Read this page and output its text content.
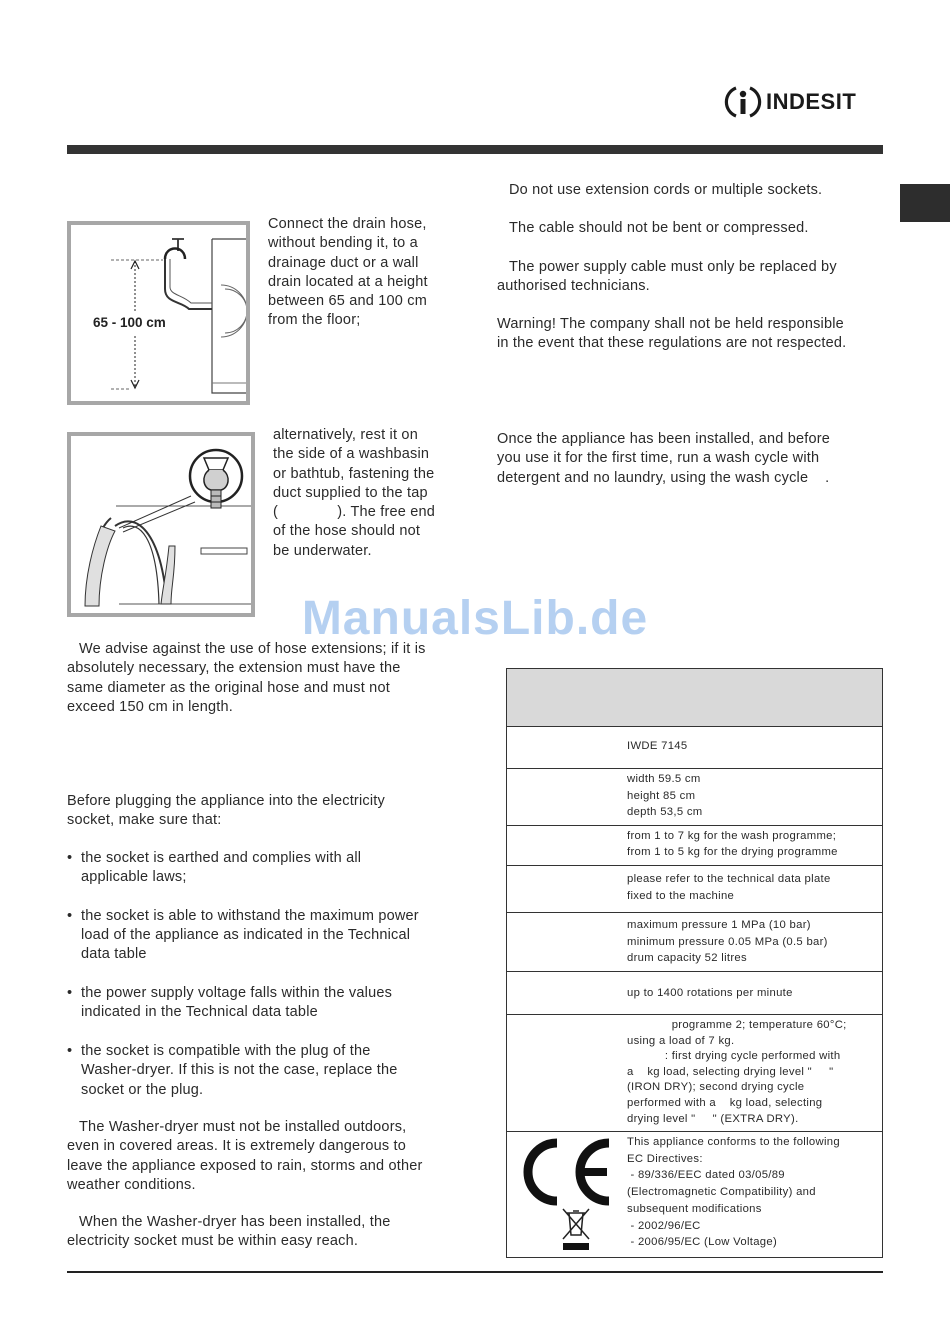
INDESIT
65 - 100 cm

Connect the drain hose,
without bending it, to a
drainage duct or a wall
drain located at a height
between 65 and 100 cm
from the floor;

alternatively, rest it on
the side of a washbasin
or bathtub, fastening the
duct supplied to the tap
(              ). The free end
of the hose should not
be underwater.

ManualsLib.de

We advise against the use of hose extensions; if it is
absolutely necessary, the extension must have the
same diameter as the original hose and must not
exceed 150 cm in length.

Before plugging the appliance into the electricity
socket, make sure that:

• the socket is earthed and complies with all
applicable laws;
• the socket is able to withstand the maximum power
load of the appliance as indicated in the Technical
data table
• the power supply voltage falls within the values
indicated in the Technical data table
• the socket is compatible with the plug of the
Washer-dryer. If this is not the case, replace the
socket or the plug.

The Washer-dryer must not be installed outdoors,
even in covered areas. It is extremely dangerous to
leave the appliance exposed to rain, storms and other
weather conditions.

When the Washer-dryer has been installed, the
electricity socket must be within easy reach.

Do not use extension cords or multiple sockets.

The cable should not be bent or compressed.

The power supply cable must only be replaced by
authorised technicians.

Warning! The company shall not be held responsible
in the event that these regulations are not respected.

Once the appliance has been installed, and before
you use it for the first time, run a wash cycle with
detergent and no laundry, using the wash cycle    .

IWDE 7145
width 59.5 cm
height 85 cm
depth 53,5 cm
from 1 to 7 kg for the wash programme;
from 1 to 5 kg for the drying programme
please refer to the technical data plate
fixed to the machine
maximum pressure 1 MPa (10 bar)
minimum pressure 0.05 MPa (0.5 bar)
drum capacity 52 litres
up to 1400 rotations per minute
programme 2; temperature 60°C;
using a load of 7 kg.
: first drying cycle performed with
a    kg load, selecting drying level "     "
(IRON DRY); second drying cycle
performed with a    kg load, selecting
drying level "     " (EXTRA DRY).
This appliance conforms to the following
EC Directives:
- 89/336/EEC dated 03/05/89
(Electromagnetic Compatibility) and
subsequent modifications
- 2002/96/EC
- 2006/95/EC (Low Voltage)
